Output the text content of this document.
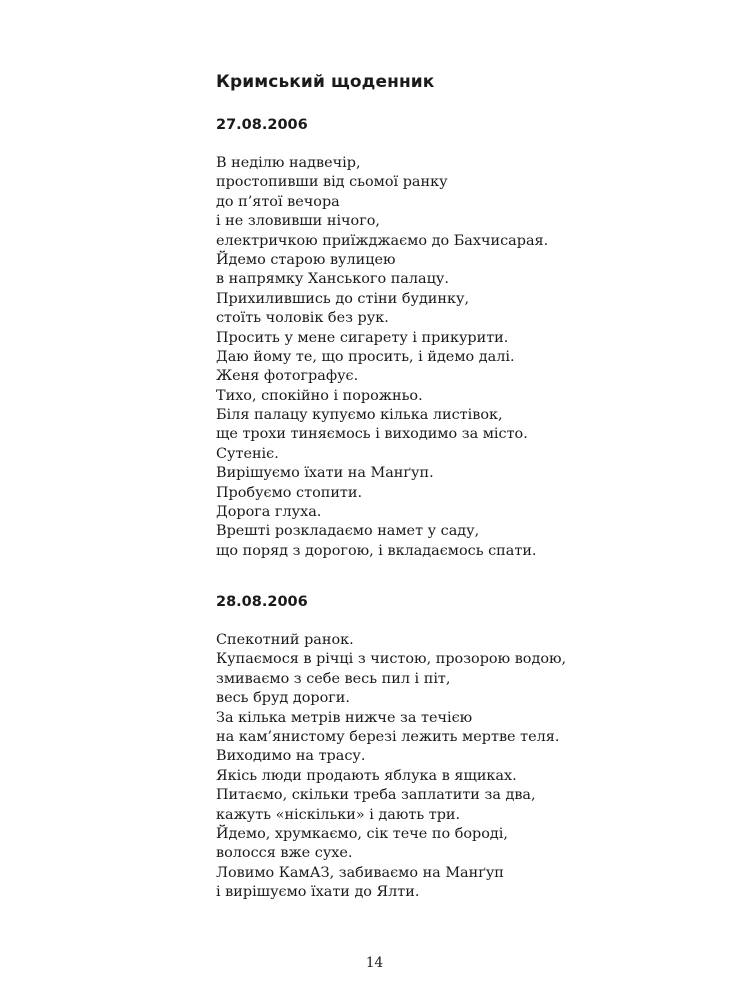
Кримський щоденник
27.08.2006
В неділю надвечір,
простопивши від сьомої ранку
до п’ятої вечора
і не зловивши нічого,
електричкою приїжджаємо до Бахчисарая.
Йдемо старою вулицею
в напрямку Ханського палацу.
Прихилившись до стіни будинку,
стоїть чоловік без рук.
Просить у мене сигарету і прикурити.
Даю йому те, що просить, і йдемо далі.
Женя фотографує.
Тихо, спокійно і порожньо.
Біля палацу купуємо кілька листівок,
ще трохи тиняємось і виходимо за місто.
Сутеніє.
Вирішуємо їхати на Манґуп.
Пробуємо стопити.
Дорога глуха.
Врешті розкладаємо намет у саду,
що поряд з дорогою, і вкладаємось спати.
28.08.2006
Спекотний ранок.
Купаємося в річці з чистою, прозорою водою,
змиваємо з себе весь пил і піт,
весь бруд дороги.
За кілька метрів нижче за течією
на кам’янистому березі лежить мертве теля.
Виходимо на трасу.
Якісь люди продають яблука в ящиках.
Питаємо, скільки треба заплатити за два,
кажуть «ніскільки» і дають три.
Йдемо, хрумкаємо, сік тече по бороді,
волосся вже сухе.
Ловимо КамАЗ, забиваємо на Манґуп
і вирішуємо їхати до Ялти.
14
